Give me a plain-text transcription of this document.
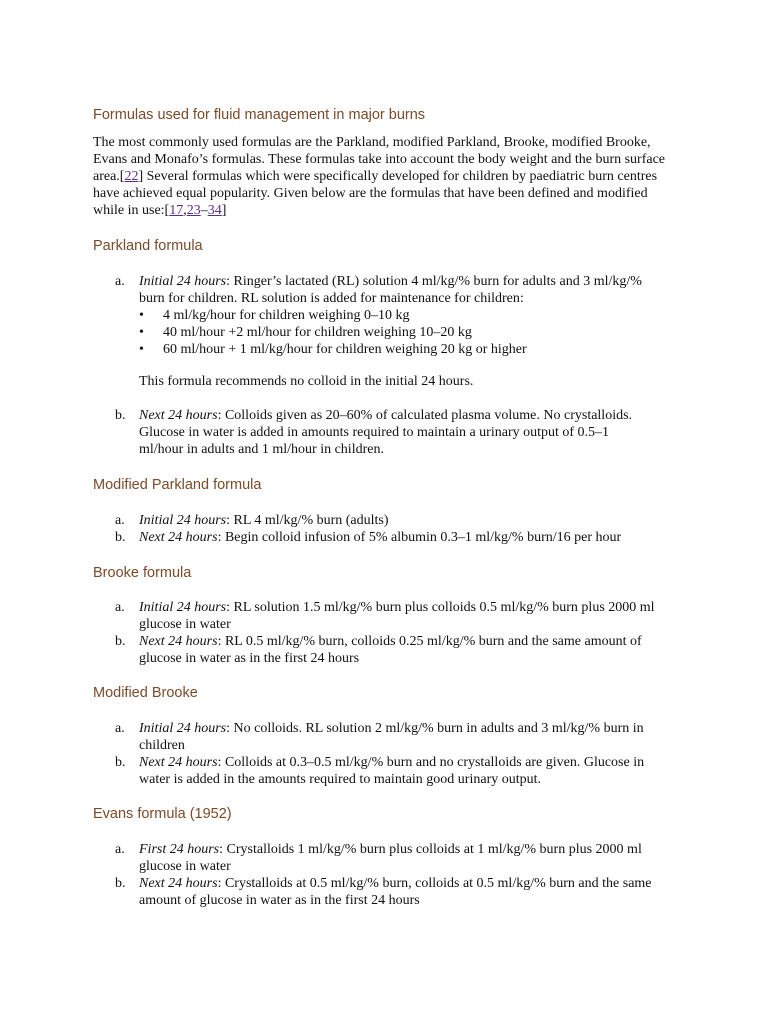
Formulas used for fluid management in major burns

The most commonly used formulas are the Parkland, modified Parkland, Brooke, modified Brooke, Evans and Monafo’s formulas. These formulas take into account the body weight and the burn surface area.[22] Several formulas which were specifically developed for children by paediatric burn centres have achieved equal popularity. Given below are the formulas that have been defined and modified while in use:[17,23–34]

Parkland formula
a. Initial 24 hours: Ringer’s lactated (RL) solution 4 ml/kg/% burn for adults and 3 ml/kg/% burn for children. RL solution is added for maintenance for children:
• 4 ml/kg/hour for children weighing 0–10 kg
• 40 ml/hour +2 ml/hour for children weighing 10–20 kg
• 60 ml/hour + 1 ml/kg/hour for children weighing 20 kg or higher

This formula recommends no colloid in the initial 24 hours.

b. Next 24 hours: Colloids given as 20–60% of calculated plasma volume. No crystalloids. Glucose in water is added in amounts required to maintain a urinary output of 0.5–1 ml/hour in adults and 1 ml/hour in children.
Modified Parkland formula
a. Initial 24 hours: RL 4 ml/kg/% burn (adults)
b. Next 24 hours: Begin colloid infusion of 5% albumin 0.3–1 ml/kg/% burn/16 per hour
Brooke formula
a. Initial 24 hours: RL solution 1.5 ml/kg/% burn plus colloids 0.5 ml/kg/% burn plus 2000 ml glucose in water
b. Next 24 hours: RL 0.5 ml/kg/% burn, colloids 0.25 ml/kg/% burn and the same amount of glucose in water as in the first 24 hours
Modified Brooke
a. Initial 24 hours: No colloids. RL solution 2 ml/kg/% burn in adults and 3 ml/kg/% burn in children
b. Next 24 hours: Colloids at 0.3–0.5 ml/kg/% burn and no crystalloids are given. Glucose in water is added in the amounts required to maintain good urinary output.
Evans formula (1952)
a. First 24 hours: Crystalloids 1 ml/kg/% burn plus colloids at 1 ml/kg/% burn plus 2000 ml glucose in water
b. Next 24 hours: Crystalloids at 0.5 ml/kg/% burn, colloids at 0.5 ml/kg/% burn and the same amount of glucose in water as in the first 24 hours
